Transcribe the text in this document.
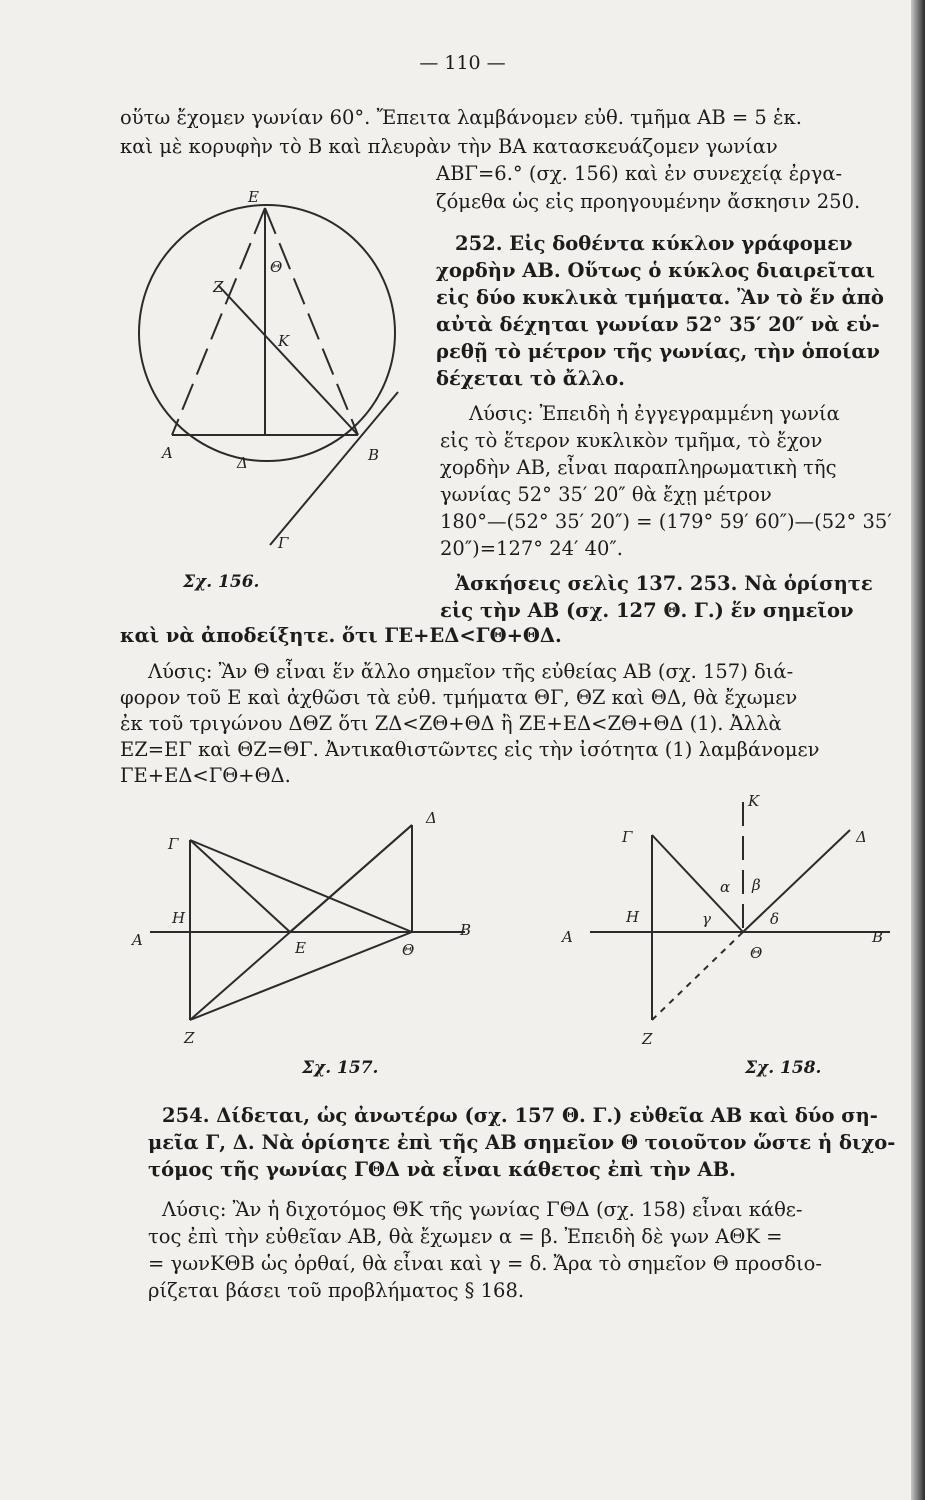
— 110 —
οὕτω ἔχομεν γωνίαν 60°. Ἔπειτα λαμβάνομεν εὐθ. τμῆμα AB = 5 ἑκ.
καὶ μὲ κορυφὴν τὸ B καὶ πλευρὰν τὴν BA κατασκευάζομεν γωνίαν
ΑΒΓ=6.° (σχ. 156) καὶ ἐν συνεχείᾳ ἐργα-
ζόμεθα ὡς εἰς προηγουμένην ἄσκησιν 250.
252. Εἰς δοθέντα κύκλον γράφομεν
χορδὴν AB. Οὕτως ὁ κύκλος διαιρεῖται
εἰς δύο κυκλικὰ τμήματα. Ἂν τὸ ἕν ἀπὸ
αὐτὰ δέχηται γωνίαν 52° 35′ 20″ νὰ εὑ-
ρεθῇ τὸ μέτρον τῆς γωνίας, τὴν ὁποίαν
δέχεται τὸ ἄλλο.
Λύσις: Ἐπειδὴ ἡ ἐγγεγραμμένη γωνία
εἰς τὸ ἕτερον κυκλικὸν τμῆμα, τὸ ἔχον
χορδὴν AB, εἶναι παραπληρωματικὴ τῆς
γωνίας 52° 35′ 20″ θὰ ἔχῃ μέτρον
180°—(52° 35′ 20″) = (179° 59′ 60″)—(52° 35′
20″)=127° 24′ 40″.
Ἀσκήσεις σελὶς 137. 253. Νὰ ὁρίσητε
εἰς τὴν AB (σχ. 127 Θ. Γ.) ἕν σημεῖον
καὶ νὰ ἀποδείξητε. ὅτι ΓΕ+ΕΔ<ΓΘ+ΘΔ.
Λύσις: Ἂν Θ εἶναι ἕν ἄλλο σημεῖον τῆς εὐθείας AB (σχ. 157) διά-
φορον τοῦ Ε καὶ ἀχθῶσι τὰ εὐθ. τμήματα ΘΓ, ΘΖ καὶ ΘΔ, θὰ ἔχωμεν
ἐκ τοῦ τριγώνου ΔΘΖ ὅτι ΖΔ<ΖΘ+ΘΔ ἢ ΖΕ+ΕΔ<ΖΘ+ΘΔ (1). Ἀλλὰ
ΕΖ=ΕΓ καὶ ΘΖ=ΘΓ. Ἀντικαθιστῶντες εἰς τὴν ἰσότητα (1) λαμβάνομεν
ΓΕ+ΕΔ<ΓΘ+ΘΔ.
254. Δίδεται, ὡς ἀνωτέρω (σχ. 157 Θ. Γ.) εὐθεῖα AB καὶ δύο ση-
μεῖα Γ, Δ. Νὰ ὁρίσητε ἐπὶ τῆς AB σημεῖον Θ τοιοῦτον ὥστε ἡ διχο-
τόμος τῆς γωνίας ΓΘΔ νὰ εἶναι κάθετος ἐπὶ τὴν AB.
Λύσις: Ἂν ἡ διχοτόμος ΘΚ τῆς γωνίας ΓΘΔ (σχ. 158) εἶναι κάθε-
τος ἐπὶ τὴν εὐθεῖαν AB, θὰ ἔχωμεν α = β. Ἐπειδὴ δὲ γων ΑΘΚ =
= γωνΚΘΒ ὡς ὀρθαί, θὰ εἶναι καὶ γ = δ. Ἄρα τὸ σημεῖον Θ προσδιο-
ρίζεται βάσει τοῦ προβλήματος § 168.
Ε
Θ
Ζ
Κ
Α
Δ	Β
Γ
Σχ. 156.
Γ
Δ
Η
Α	Ε	Θ
Β
Ζ
Σχ. 157.
Κ
Γ	Δ
α β
Η	γ	δ
Α
Θ
Β
Ζ
Σχ. 158.
